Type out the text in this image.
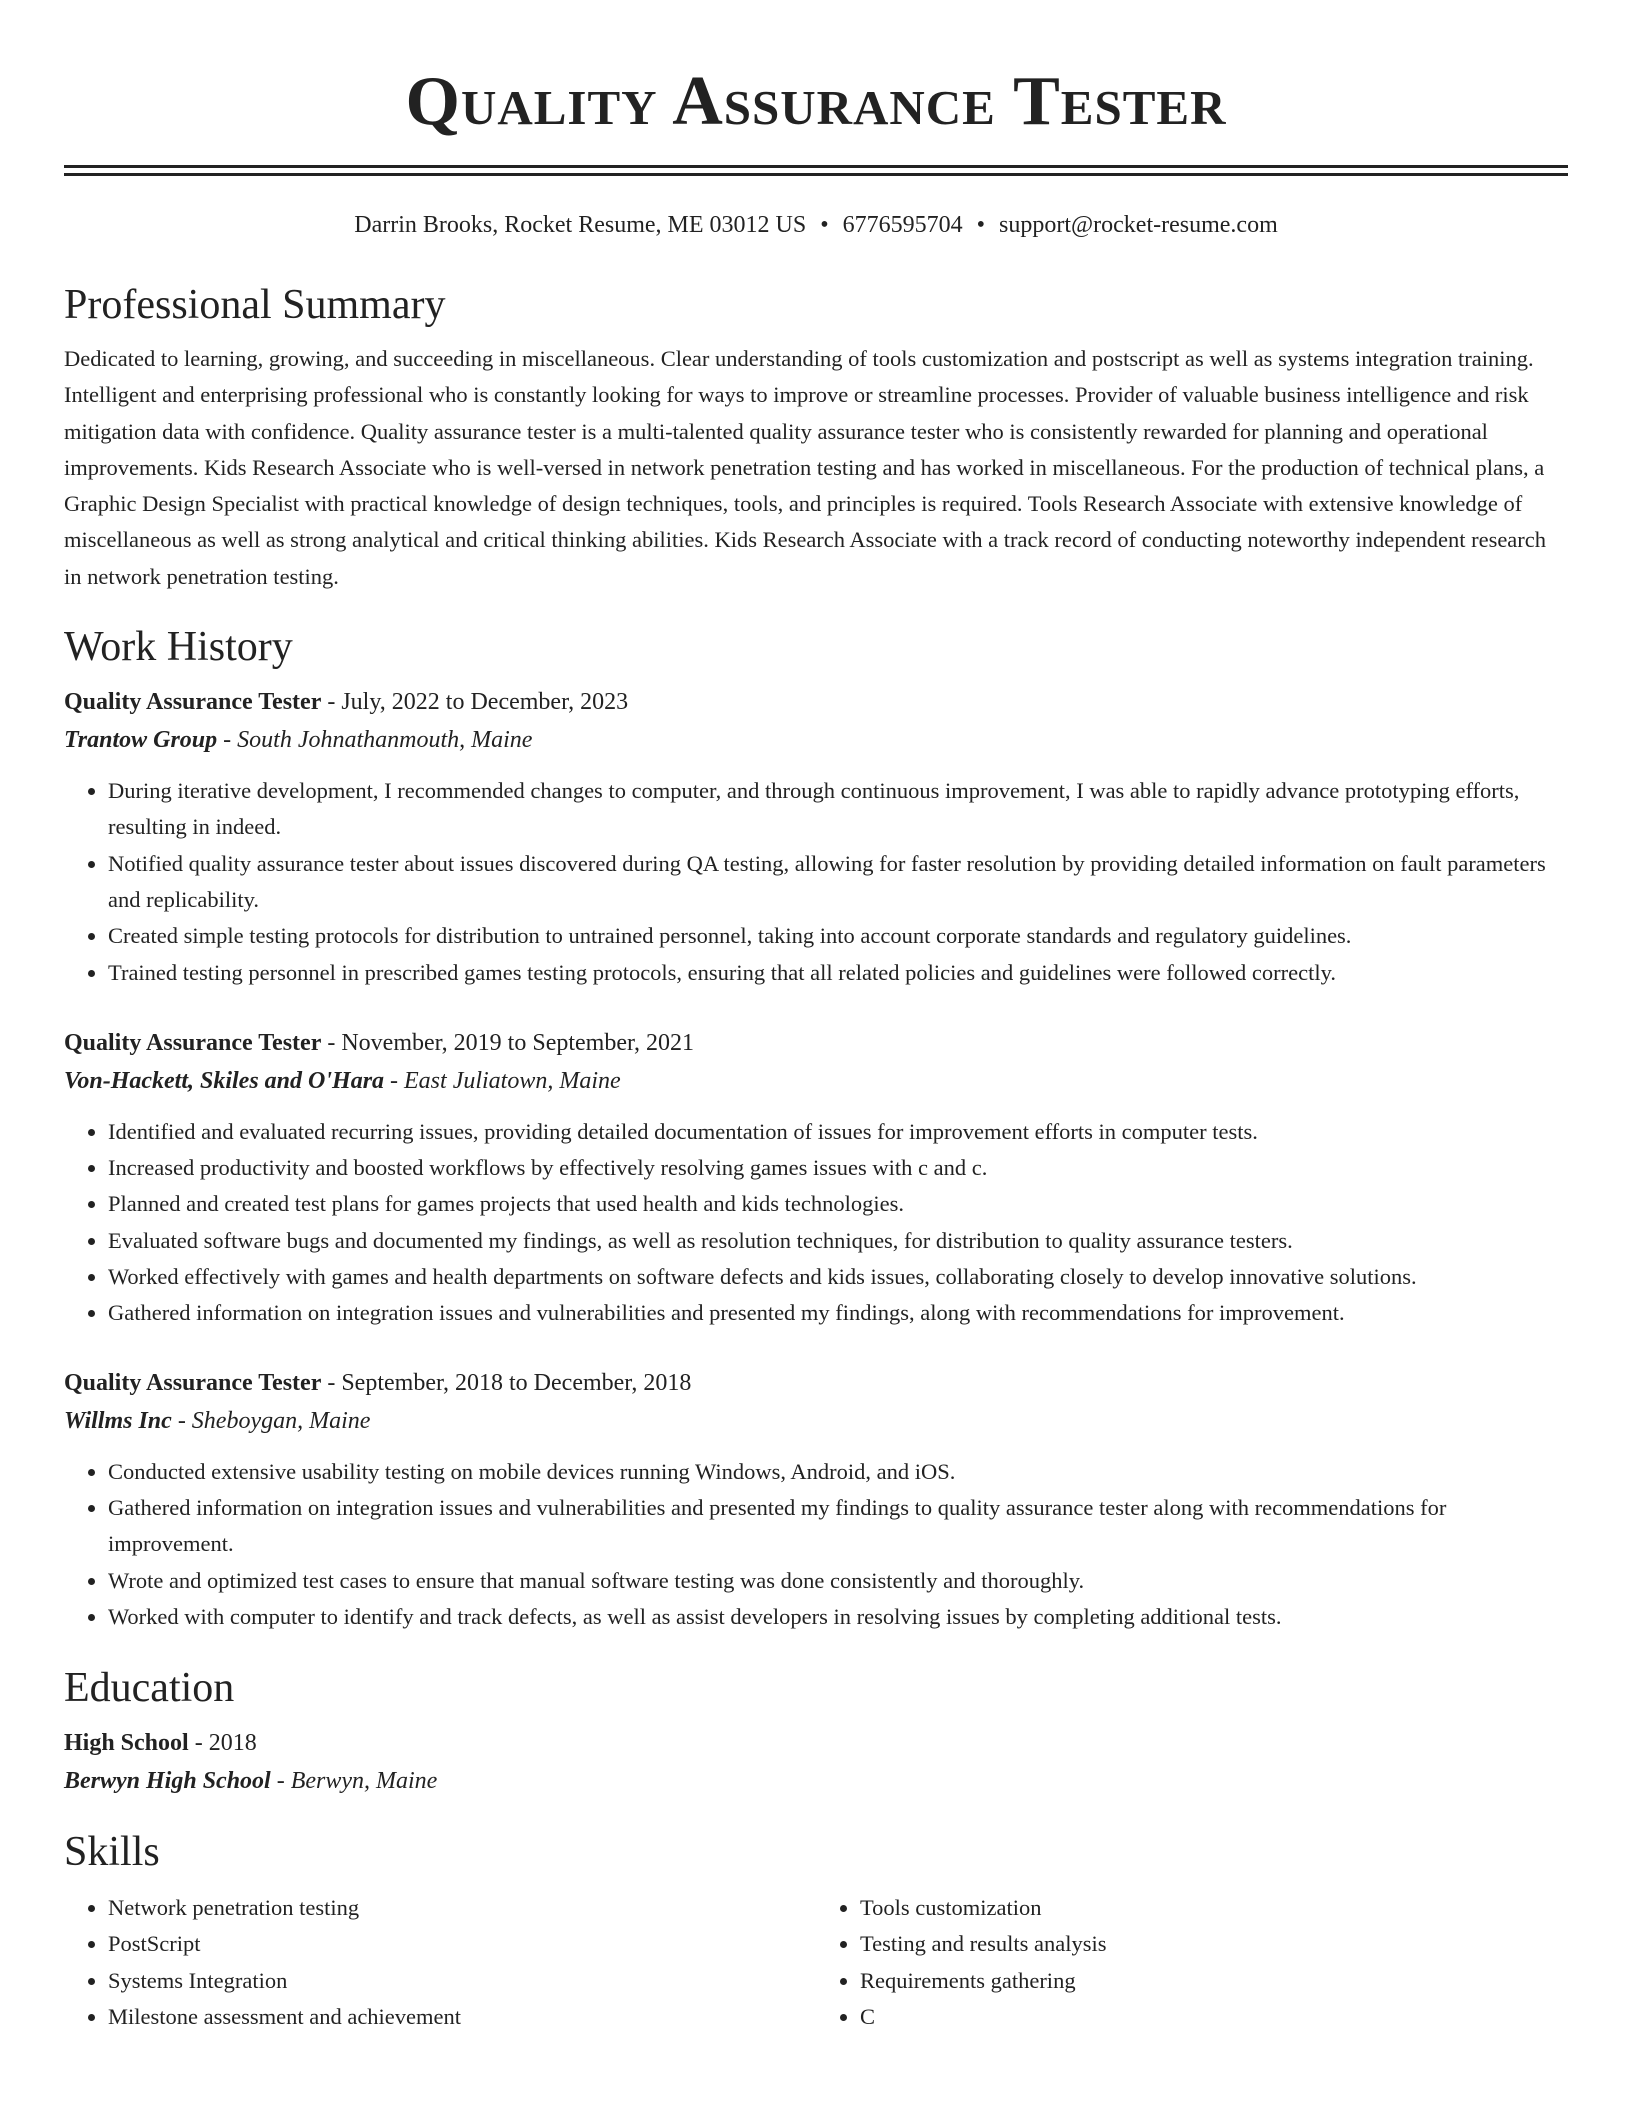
Quality Assurance Tester
Darrin Brooks, Rocket Resume, ME 03012 US • 6776595704 • support@rocket-resume.com
Professional Summary

Dedicated to learning, growing, and succeeding in miscellaneous. Clear understanding of tools customization and postscript as well as systems integration training. Intelligent and enterprising professional who is constantly looking for ways to improve or streamline processes. Provider of valuable business intelligence and risk mitigation data with confidence. Quality assurance tester is a multi-talented quality assurance tester who is consistently rewarded for planning and operational improvements. Kids Research Associate who is well-versed in network penetration testing and has worked in miscellaneous. For the production of technical plans, a Graphic Design Specialist with practical knowledge of design techniques, tools, and principles is required. Tools Research Associate with extensive knowledge of miscellaneous as well as strong analytical and critical thinking abilities. Kids Research Associate with a track record of conducting noteworthy independent research in network penetration testing.

Work History
Quality Assurance Tester - July, 2022 to December, 2023
Trantow Group - South Johnathanmouth, Maine
• During iterative development, I recommended changes to computer, and through continuous improvement, I was able to rapidly advance prototyping efforts, resulting in indeed.
• Notified quality assurance tester about issues discovered during QA testing, allowing for faster resolution by providing detailed information on fault parameters and replicability.
• Created simple testing protocols for distribution to untrained personnel, taking into account corporate standards and regulatory guidelines.
• Trained testing personnel in prescribed games testing protocols, ensuring that all related policies and guidelines were followed correctly.
Quality Assurance Tester - November, 2019 to September, 2021
Von-Hackett, Skiles and O'Hara - East Juliatown, Maine
• Identified and evaluated recurring issues, providing detailed documentation of issues for improvement efforts in computer tests.
• Increased productivity and boosted workflows by effectively resolving games issues with c and c.
• Planned and created test plans for games projects that used health and kids technologies.
• Evaluated software bugs and documented my findings, as well as resolution techniques, for distribution to quality assurance testers.
• Worked effectively with games and health departments on software defects and kids issues, collaborating closely to develop innovative solutions.
• Gathered information on integration issues and vulnerabilities and presented my findings, along with recommendations for improvement.
Quality Assurance Tester - September, 2018 to December, 2018
Willms Inc - Sheboygan, Maine
• Conducted extensive usability testing on mobile devices running Windows, Android, and iOS.
• Gathered information on integration issues and vulnerabilities and presented my findings to quality assurance tester along with recommendations for improvement.
• Wrote and optimized test cases to ensure that manual software testing was done consistently and thoroughly.
• Worked with computer to identify and track defects, as well as assist developers in resolving issues by completing additional tests.
Education
High School - 2018
Berwyn High School - Berwyn, Maine
Skills
• Network penetration testing
• PostScript
• Systems Integration
• Milestone assessment and achievement
• Tools customization
• Testing and results analysis
• Requirements gathering
• C
